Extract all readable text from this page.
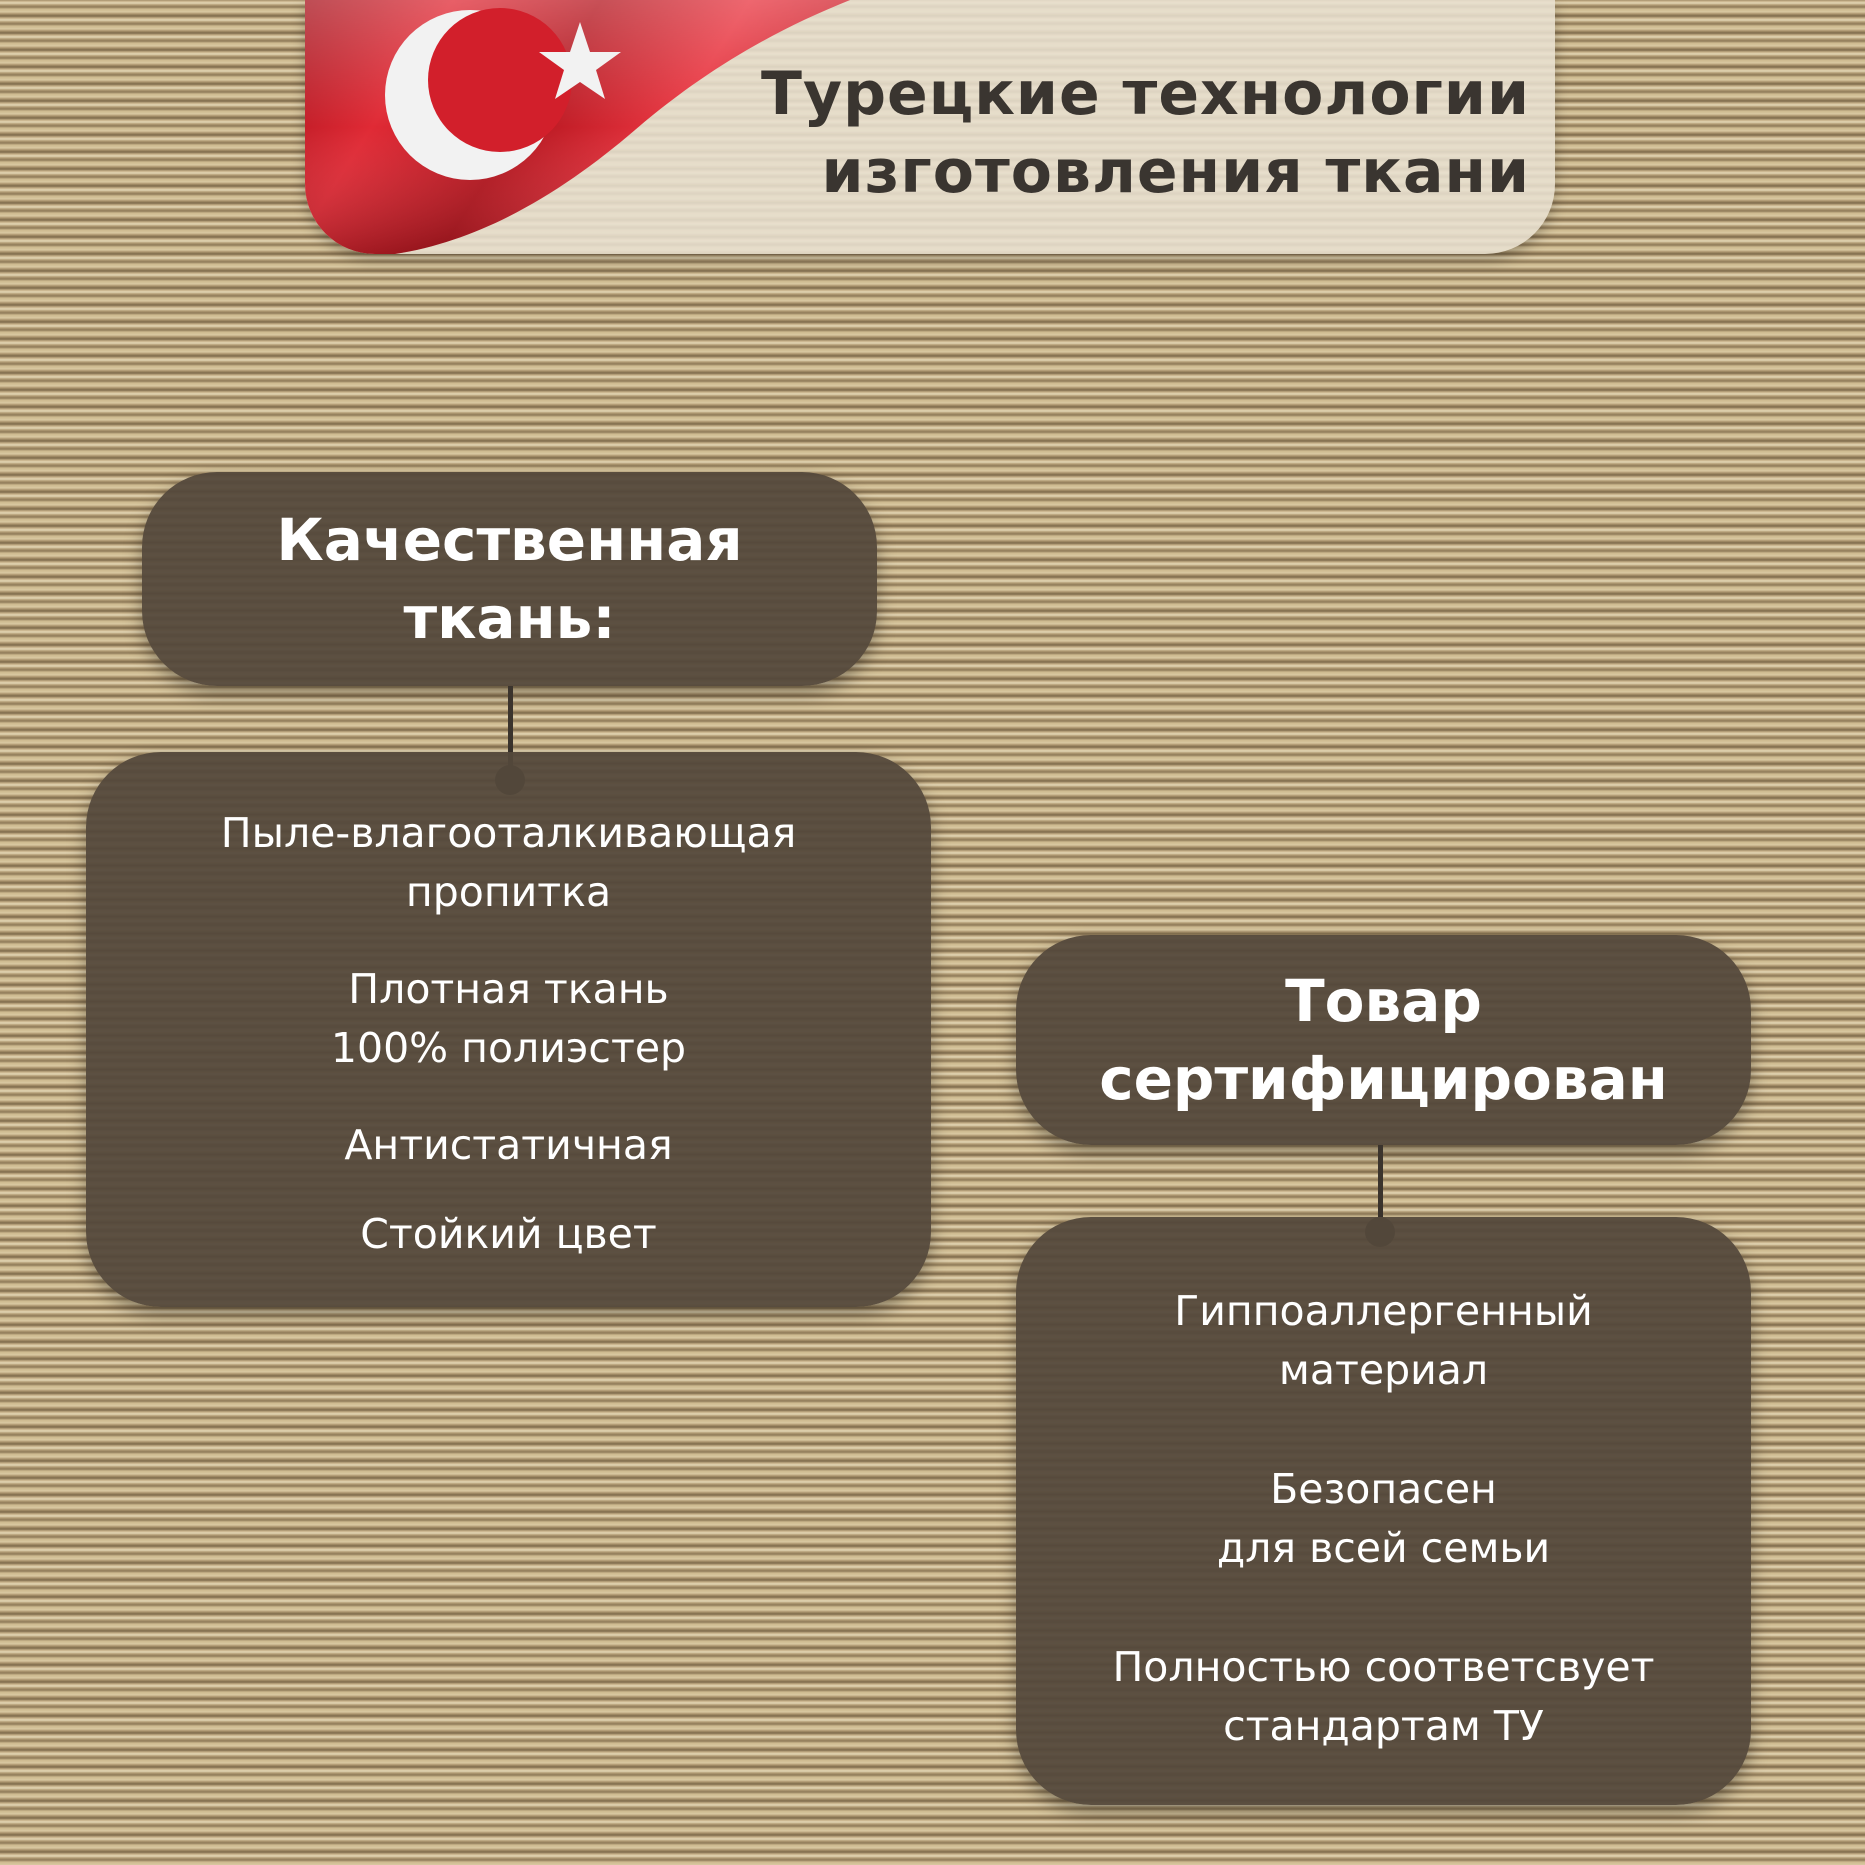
Турецкие технологии
изготовления ткани
Качественная
ткань:
Пыле-влагооталкивающая
пропитка
Плотная ткань
100% полиэстер
Антистатичная
Стойкий цвет
Товар
сертифицирован
Гиппоаллергенный
материал
Безопасен
для всей семьи
Полностью соответсвует
стандартам ТУ
